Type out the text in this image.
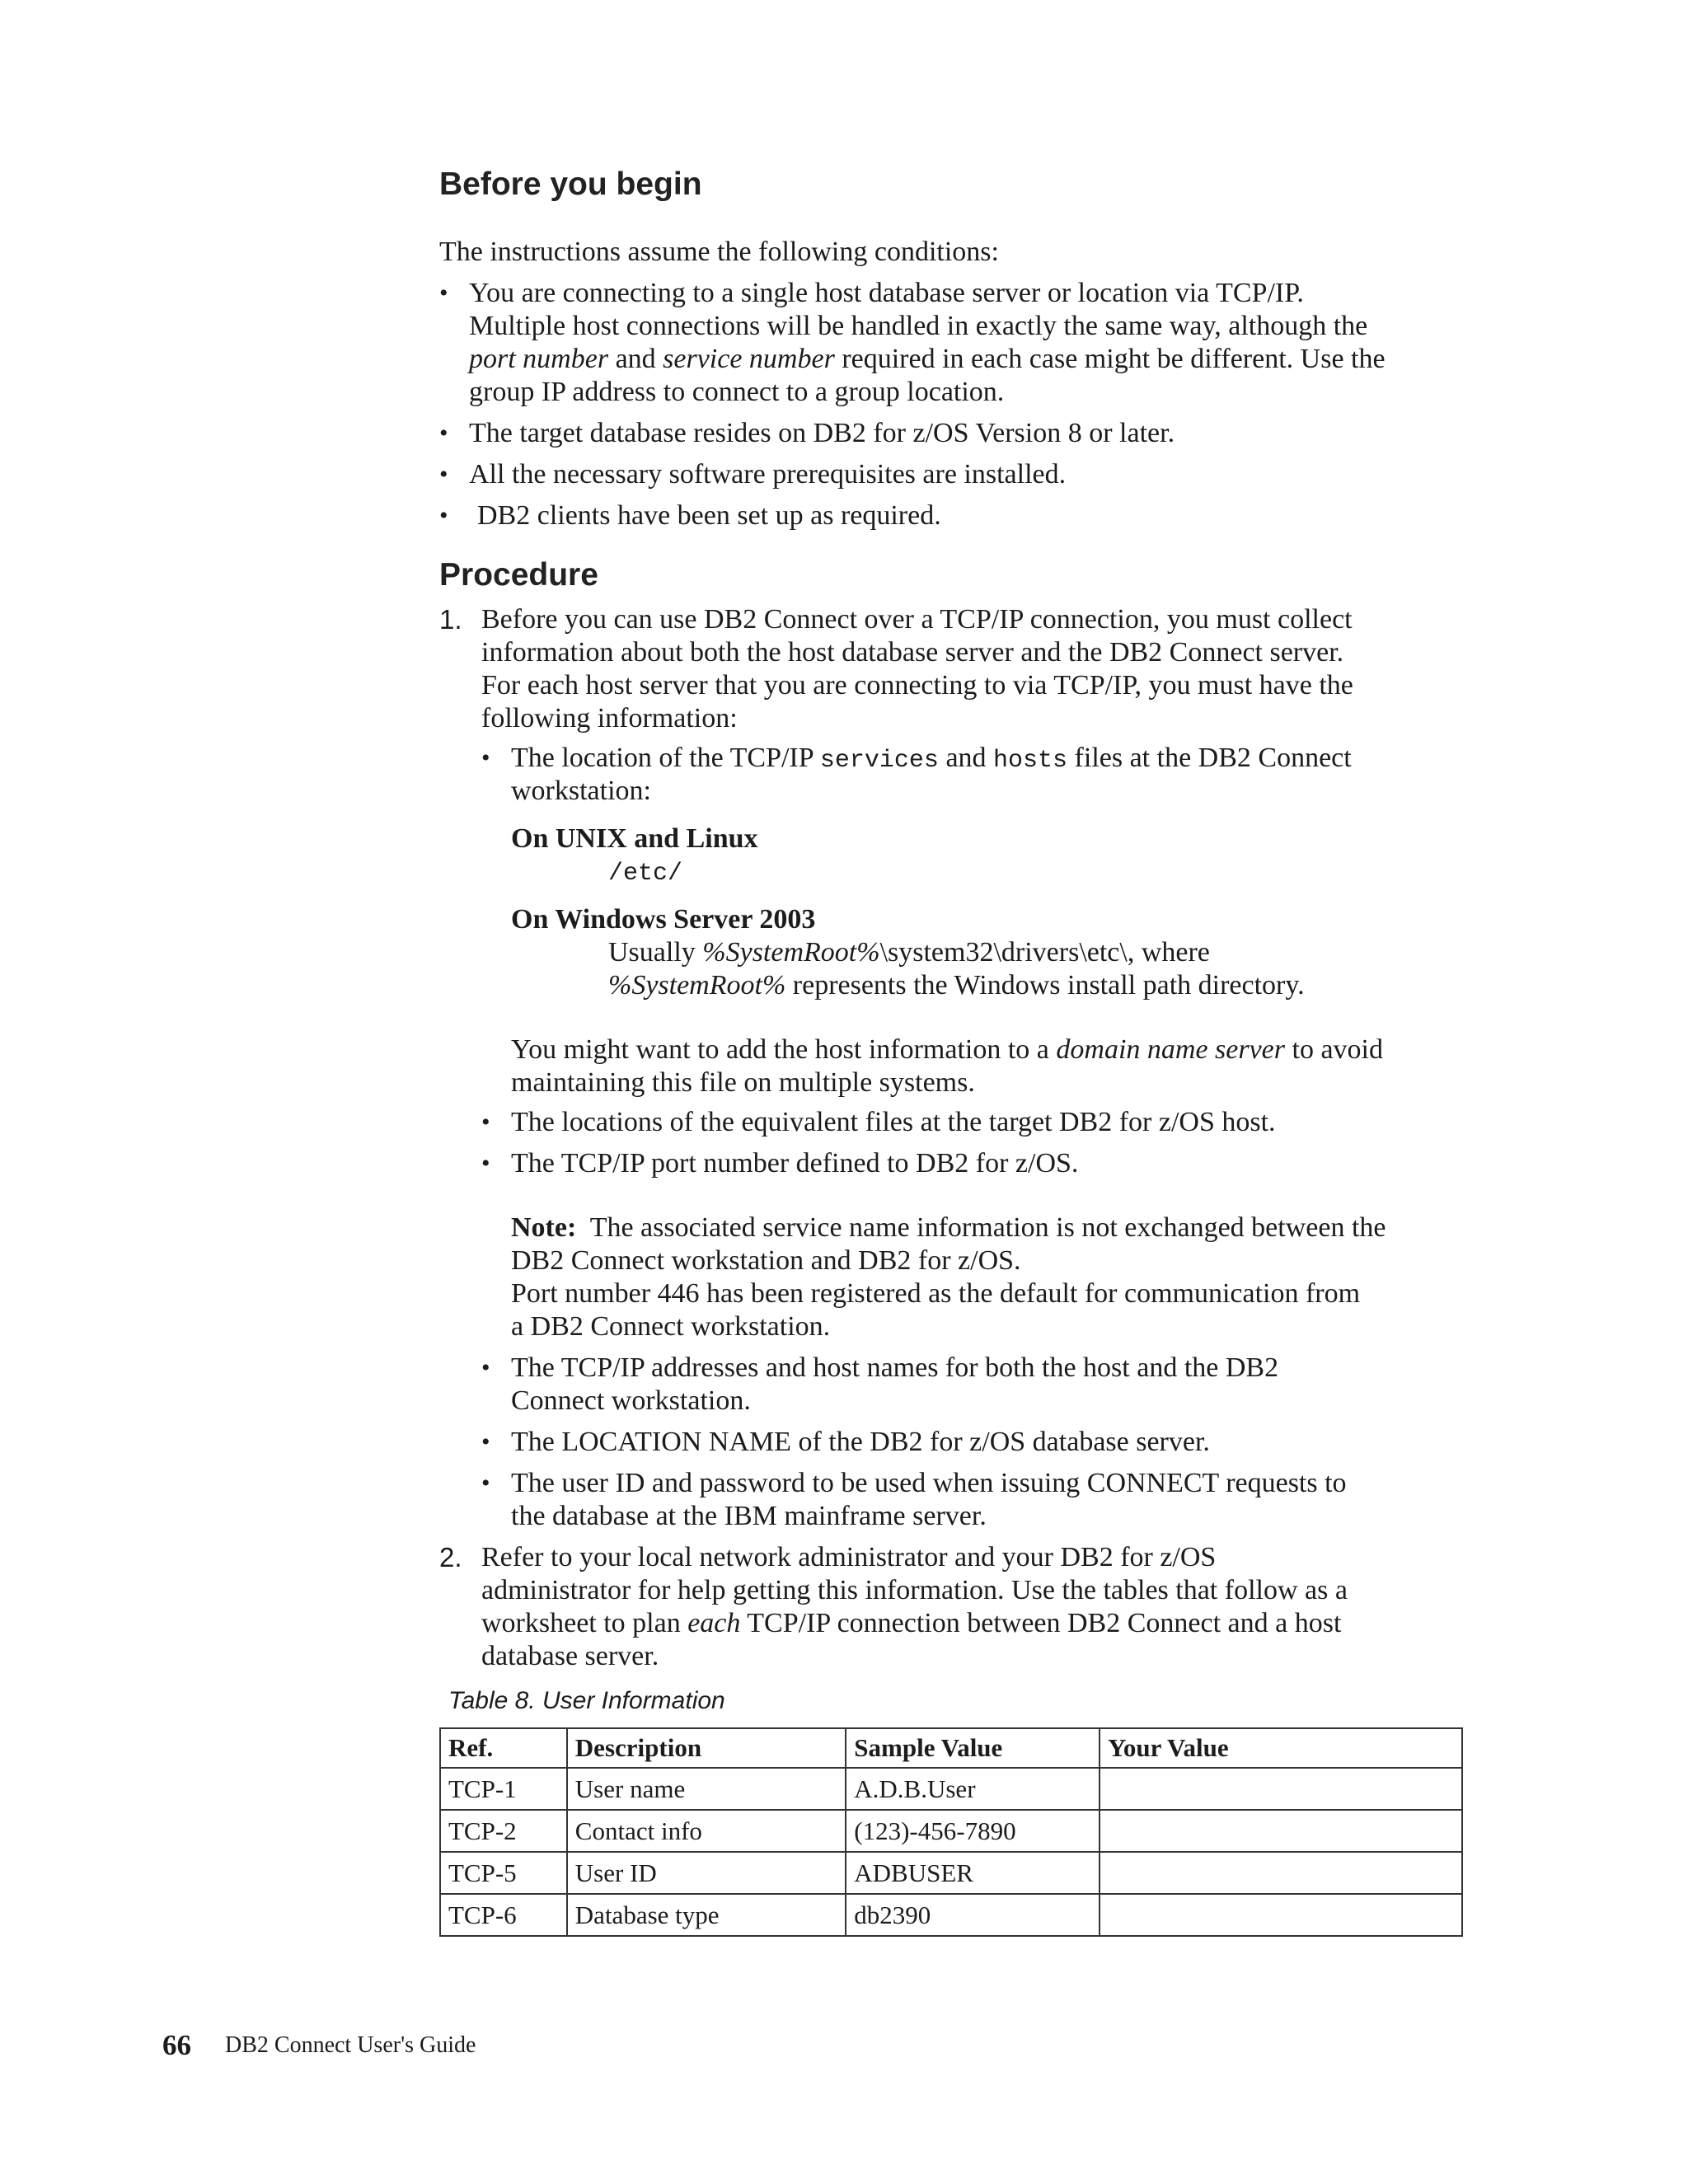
Before you begin
The instructions assume the following conditions:
• You are connecting to a single host database server or location via TCP/IP.
Multiple host connections will be handled in exactly the same way, although the
port number and service number required in each case might be different. Use the
group IP address to connect to a group location.
• The target database resides on DB2 for z/OS Version 8 or later.
• All the necessary software prerequisites are installed.
• DB2 clients have been set up as required.
Procedure
1. Before you can use DB2 Connect over a TCP/IP connection, you must collect
information about both the host database server and the DB2 Connect server.
For each host server that you are connecting to via TCP/IP, you must have the
following information:
• The location of the TCP/IP services and hosts files at the DB2 Connect
workstation:
On UNIX and Linux
/etc/
On Windows Server 2003
Usually %SystemRoot%\system32\drivers\etc\, where
%SystemRoot% represents the Windows install path directory.
You might want to add the host information to a domain name server to avoid
maintaining this file on multiple systems.
• The locations of the equivalent files at the target DB2 for z/OS host.
• The TCP/IP port number defined to DB2 for z/OS.
Note: The associated service name information is not exchanged between the
DB2 Connect workstation and DB2 for z/OS.
Port number 446 has been registered as the default for communication from
a DB2 Connect workstation.
• The TCP/IP addresses and host names for both the host and the DB2
Connect workstation.
• The LOCATION NAME of the DB2 for z/OS database server.
• The user ID and password to be used when issuing CONNECT requests to
the database at the IBM mainframe server.
2. Refer to your local network administrator and your DB2 for z/OS
administrator for help getting this information. Use the tables that follow as a
worksheet to plan each TCP/IP connection between DB2 Connect and a host
database server.
Table 8. User Information
Ref.	Description	Sample Value	Your Value
TCP-1	User name	A.D.B.User	
TCP-2	Contact info	(123)-456-7890	
TCP-5	User ID	ADBUSER	
TCP-6	Database type	db2390	
66 DB2 Connect User's Guide
